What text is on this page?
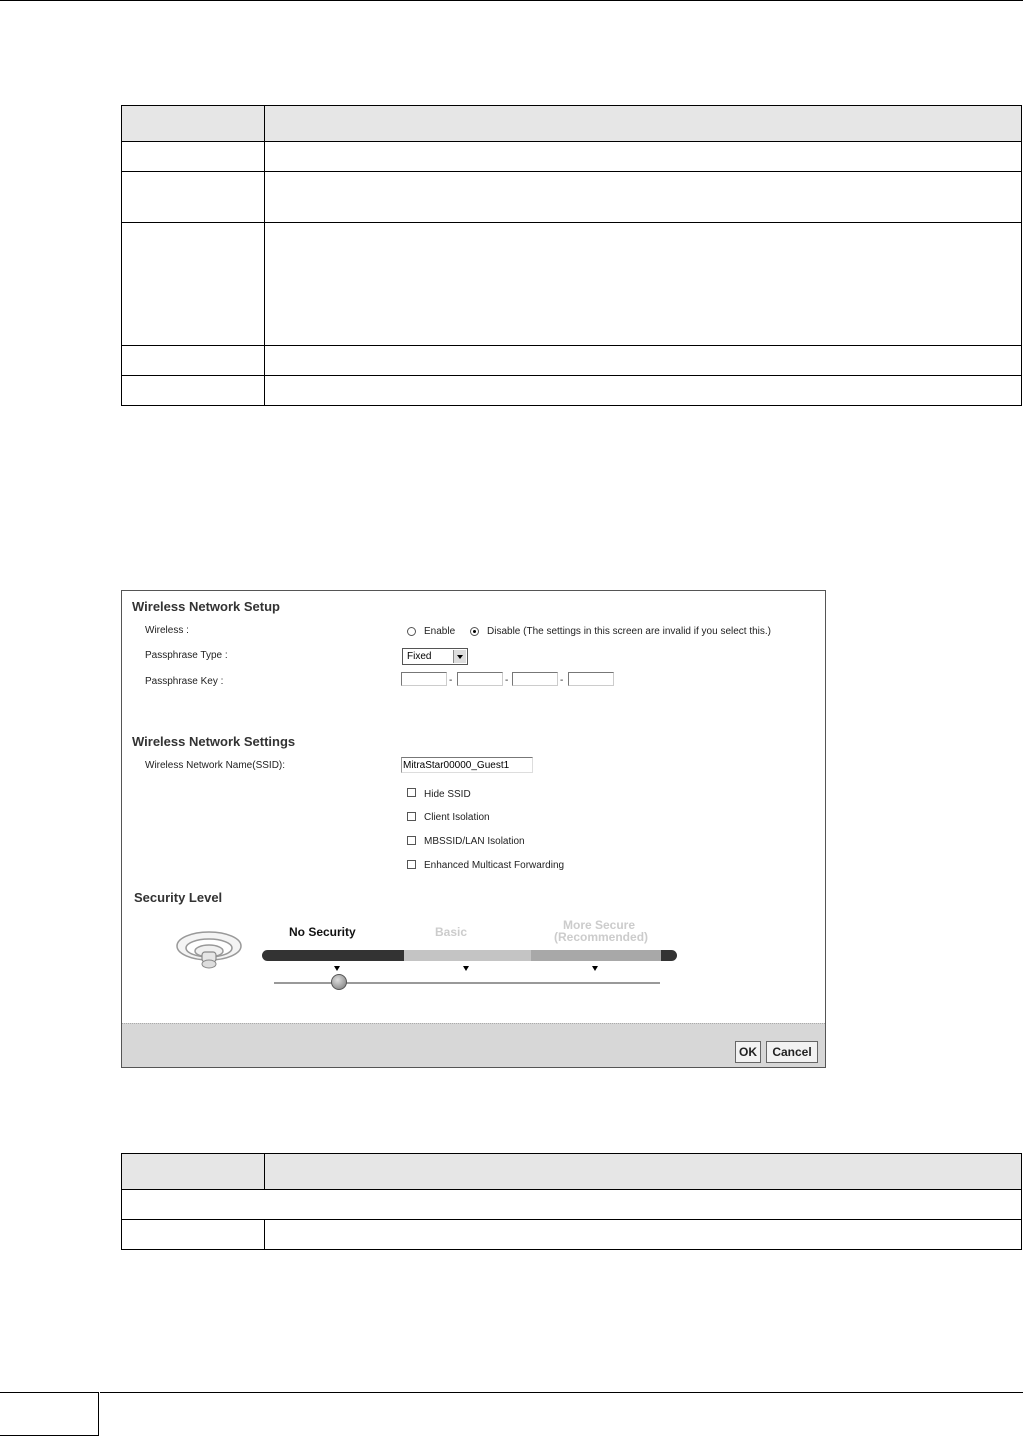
Wireless Network Setup
Wireless :	Enable	Disable (The settings in this screen are invalid if you select this.)
Passphrase Type :	Fixed
Passphrase Key :	-	-	-
Wireless Network Settings
Wireless Network Name(SSID):	MitraStar00000_Guest1
Hide SSID
Client Isolation
MBSSID/LAN Isolation
Enhanced Multicast Forwarding
Security Level
No Security	Basic	More Secure
(Recommended)
OK	Cancel
